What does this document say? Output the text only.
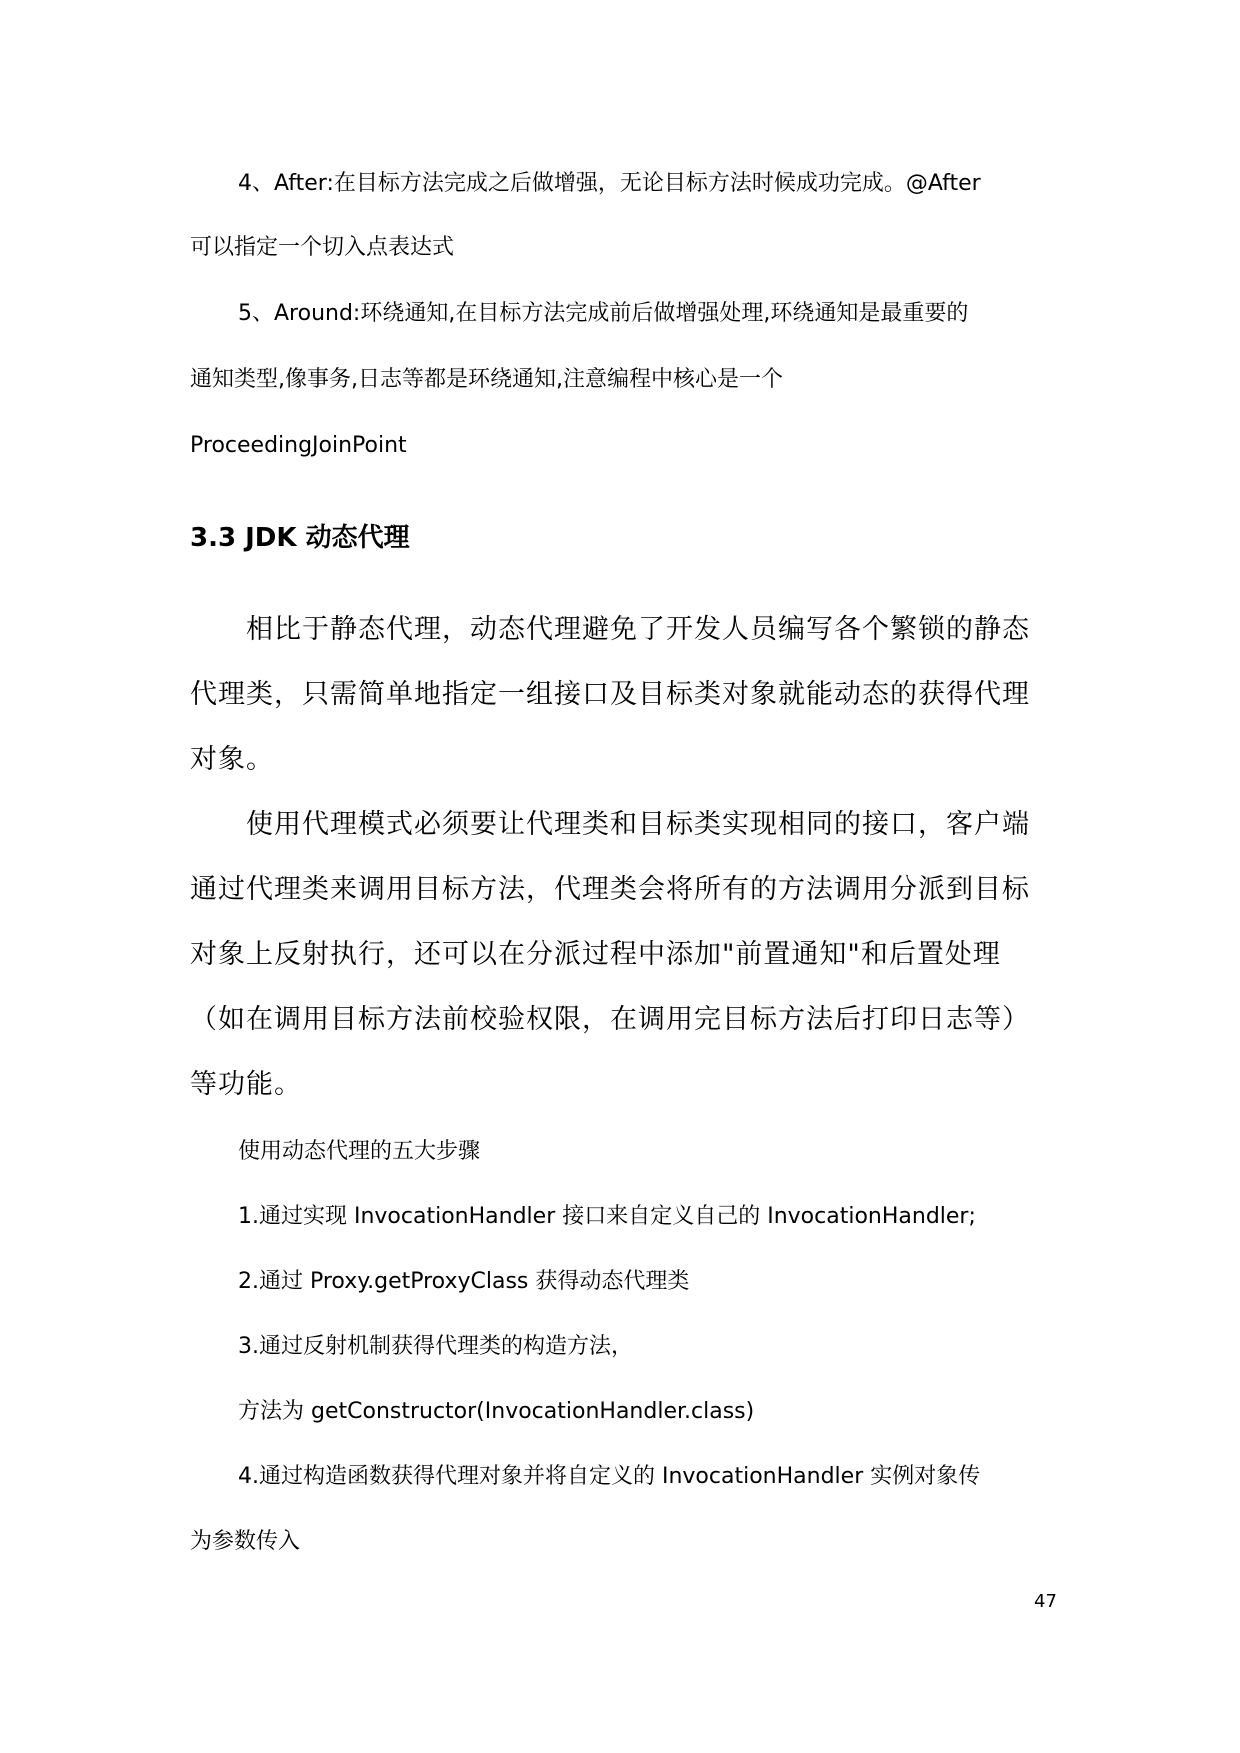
4、After:在目标方法完成之后做增强，无论目标方法时候成功完成。@After

可以指定一个切入点表达式

5、Around:环绕通知,在目标方法完成前后做增强处理,环绕通知是最重要的

通知类型,像事务,日志等都是环绕通知,注意编程中核心是一个

ProceedingJoinPoint

3.3 JDK 动态代理

相比于静态代理，动态代理避免了开发人员编写各个繁锁的静态

代理类，只需简单地指定一组接口及目标类对象就能动态的获得代理

对象。

使用代理模式必须要让代理类和目标类实现相同的接口，客户端

通过代理类来调用目标方法，代理类会将所有的方法调用分派到目标

对象上反射执行，还可以在分派过程中添加"前置通知"和后置处理

（如在调用目标方法前校验权限，在调用完目标方法后打印日志等）

等功能。

使用动态代理的五大步骤

1.通过实现 InvocationHandler 接口来自定义自己的 InvocationHandler;

2.通过 Proxy.getProxyClass 获得动态代理类

3.通过反射机制获得代理类的构造方法，

方法为 getConstructor(InvocationHandler.class)

4.通过构造函数获得代理对象并将自定义的 InvocationHandler 实例对象传

为参数传入

47
